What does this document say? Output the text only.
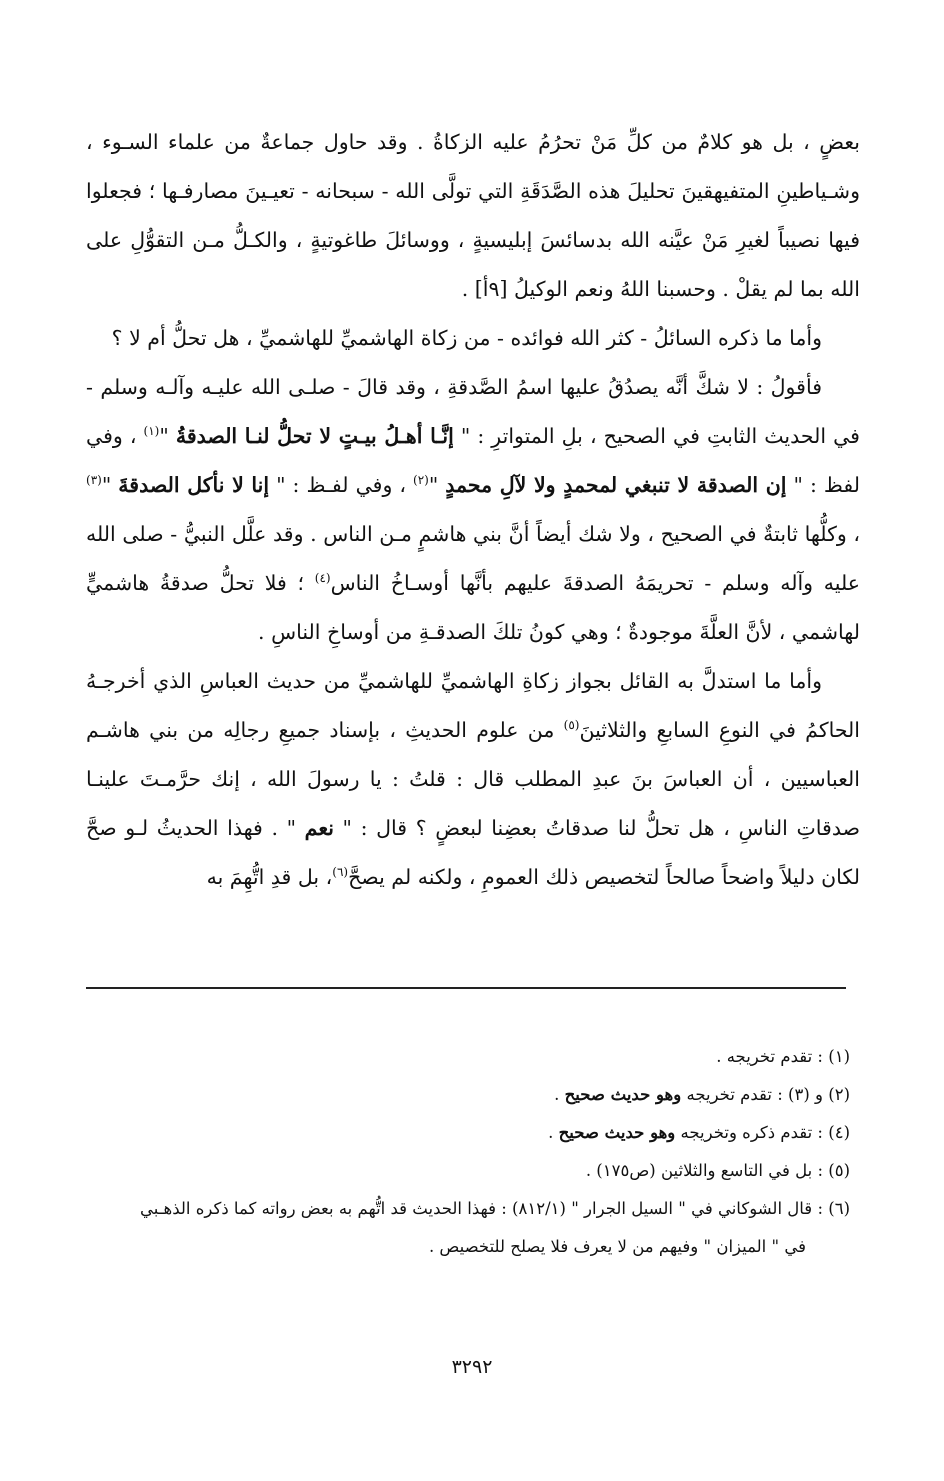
بعضٍ ، بل هو كلامٌ من كلِّ مَنْ تحرُمُ عليه الزكاةُ . وقد حاول جماعةٌ من علماء السـوء ، وشـياطينِ المتفيهقينَ تحليلَ هذه الصَّدَقَةِ التي تولَّى الله - سبحانه - تعيـينَ مصارفـها ؛ فجعلوا فيها نصيباً لغيرِ مَنْ عيَّنه الله بدسائسَ إبليسيةٍ ، ووسائلَ طاغوتيةٍ ، والكـلُّ مـن التقوُّلِ على الله بما لم يقلْ . وحسبنا اللهُ ونعم الوكيلُ [٩أ] .

وأما ما ذكره السائلُ - كثر الله فوائده - من زكاة الهاشميِّ للهاشميِّ ، هل تحلُّ أم لا ؟

فأقولُ : لا شكَّ أنَّه يصدُقُ عليها اسمُ الصَّدقةِ ، وقد قالَ - صلـى الله عليـه وآلـه وسلم - في الحديث الثابتِ في الصحيح ، بلِ المتواترِ : " إنَّـا أهـلُ بيـتٍ لا تحلُّ لنـا الصدقةُ "$^{(١)}$ ، وفي لفظ : " إن الصدقة لا تنبغي لمحمدٍ ولا لآلِ محمدٍ "$^{(٢)}$ ، وفي لفـظ : " إنا لا نأكل الصدقةَ "$^{(٣)}$ ، وكلُّها ثابتةٌ في الصحيح ، ولا شك أيضاً أنَّ بني هاشمٍ مـن الناس . وقد علَّل النبيُّ - صلى الله عليه وآله وسلم - تحريمَهُ الصدقةَ عليهم بأنَّها أوسـاخُ الناس$^{(٤)}$ ؛ فلا تحلُّ صدقةُ هاشميٍّ لهاشمي ، لأنَّ العلَّةَ موجودةٌ ؛ وهي كونُ تلكَ الصدقـةِ من أوساخِ الناسِ .

وأما ما استدلَّ به القائل بجواز زكاةِ الهاشميِّ للهاشميِّ من حديث العباسِ الذي أخرجـهُ الحاكمُ في النوعِ السابعِ والثلاثينَ$^{(٥)}$ من علوم الحديثِ ، بإسناد جميعِ رجالِه من بني هاشـم العباسيين ، أن العباسَ بنَ عبدِ المطلب قال : قلتُ : يا رسولَ الله ، إنك حرَّمـتَ علينـا صدقاتِ الناسِ ، هل تحلُّ لنا صدقاتُ بعضِنا لبعضٍ ؟ قال : " نعم " . فهذا الحديثُ لـو صحَّ لكان دليلاً واضحاً صالحاً لتخصيص ذلك العمومِ ، ولكنه لم يصحَّ$^{(٦)}$، بل قدِ اتُّهِمَ به

(١) : تقدم تخريجه .

(٢) و (٣) : تقدم تخريجه وهو حديث صحيح .

(٤) : تقدم ذكره وتخريجه وهو حديث صحيح .

(٥) : بل في التاسع والثلاثين (ص١٧٥) .

(٦) : قال الشوكاني في " السيل الجرار " (٨١٢/١) : فهذا الحديث قد اتُّهم به بعض رواته كما ذكره الذهـبي

في " الميزان " وفيهم من لا يعرف فلا يصلح للتخصيص .

٣٢٩٢
